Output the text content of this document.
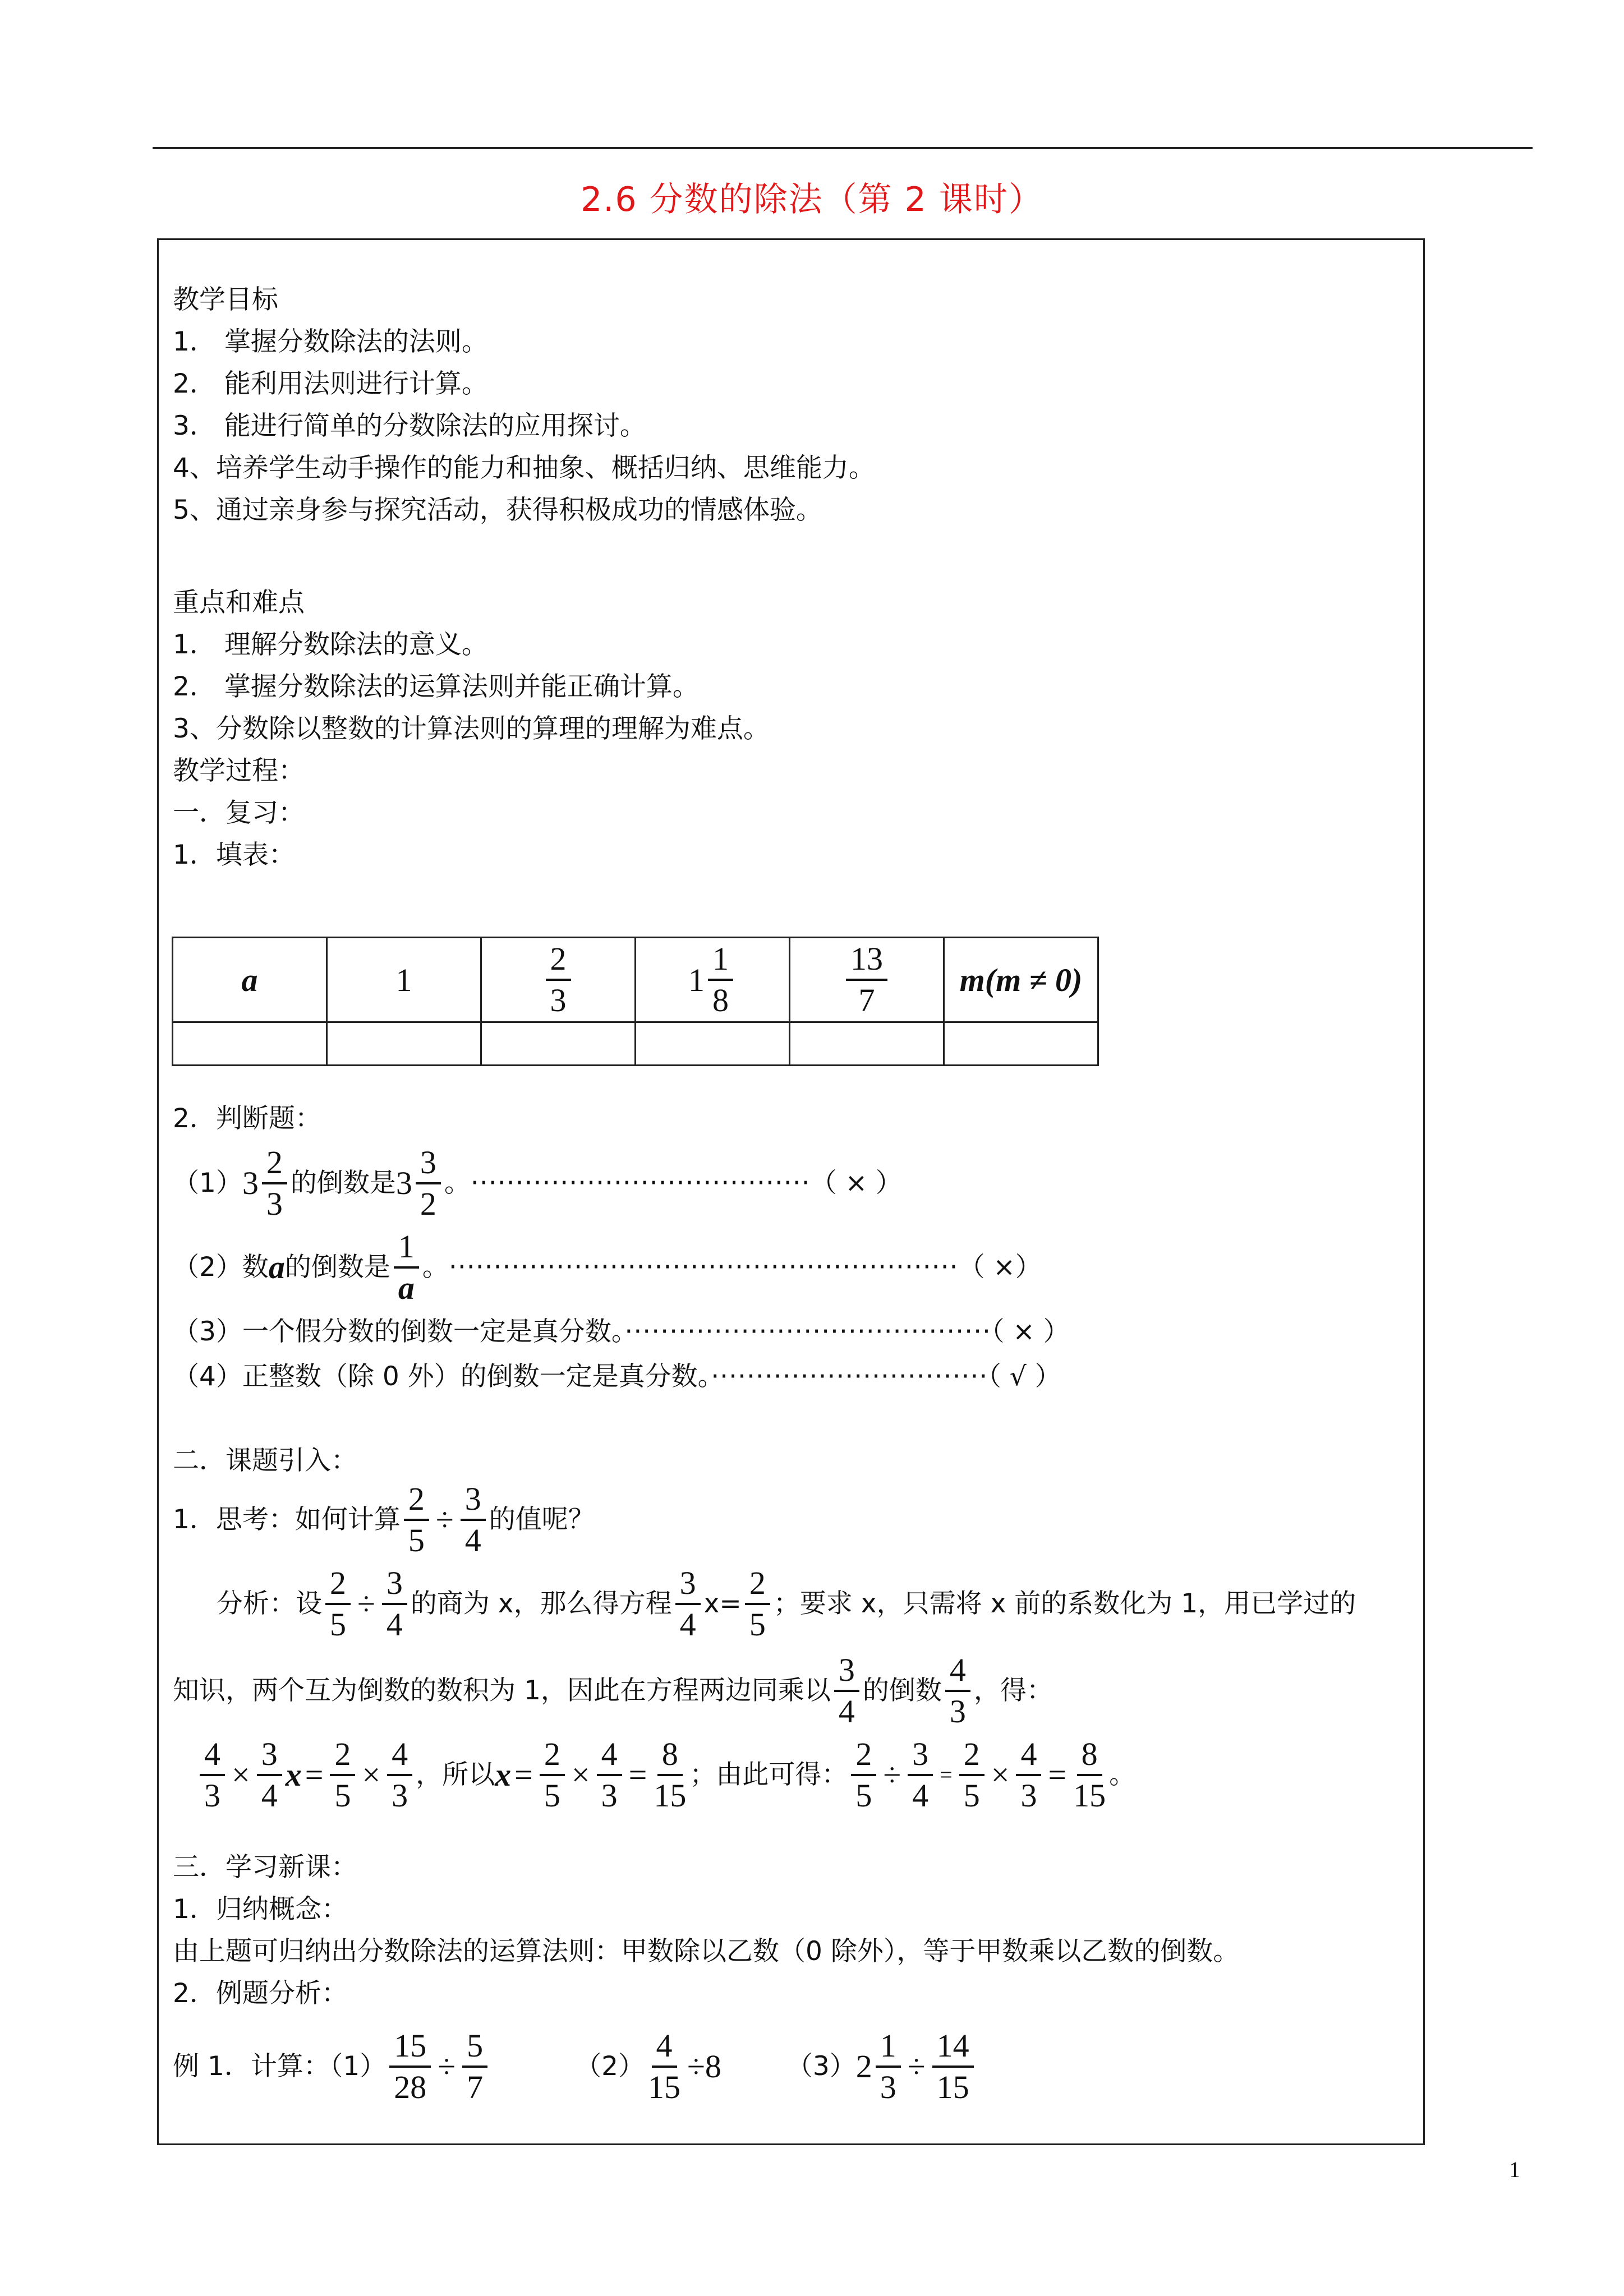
2.6 分数的除法（第 2 课时）
教学目标
1． 掌握分数除法的法则。
2． 能利用法则进行计算。
3． 能进行简单的分数除法的应用探讨。
4、培养学生动手操作的能力和抽象、概括归纳、思维能力。
5、通过亲身参与探究活动，获得积极成功的情感体验。
重点和难点
1． 理解分数除法的意义。
2． 掌握分数除法的运算法则并能正确计算。
3、分数除以整数的计算法则的算理的理解为难点。
教学过程：
一．复习：
1．填表：
a	1	$\frac{2}{3}$	$1 \frac{1}{8}$	$\frac{13}{7}$	m(m ≠ 0)

2．判断题：
（1） $3 \frac{2}{3}$ 的倒数是 $3 \frac{3}{2}$ 。 ······································ （ × ）
（2）数 a 的倒数是 $\frac{1}{a}$ 。 ························································· （ ×）
（3）一个假分数的倒数一定是真分数。·········································（ × ）
（4）正整数（除 0 外）的倒数一定是真分数。·······························（ √ ）
二．课题引入：
1．思考：如何计算 $\frac{2}{5} \div \frac{3}{4}$ 的值呢？
分析：设 $\frac{2}{5} \div \frac{3}{4}$ 的商为 x，那么得方程 $\frac{3}{4} x= \frac{2}{5}$ ；要求 x，只需将 x 前的系数化为 1，用已学过的
知识，两个互为倒数的数积为 1，因此在方程两边同乘以 $\frac{3}{4}$ 的倒数 $\frac{4}{3}$ ，得：
$\frac{4}{3} \times \frac{3}{4}$ $x = \frac{2}{5} \times \frac{4}{3}$ ，所以 $x = \frac{2}{5} \times \frac{4}{3} = \frac{8}{15}$ ；由此可得： $\frac{2}{5} \div \frac{3}{4} = \frac{2}{5} \times \frac{4}{3} = \frac{8}{15}$ 。
三．学习新课：
1．归纳概念：
由上题可归纳出分数除法的运算法则：甲数除以乙数（0 除外），等于甲数乘以乙数的倒数。
2．例题分析：
例 1．计算：$(1) \frac{15}{28} \div \frac{5}{7}$	$(2) \frac{4}{15} \div 8$ （3） $2 \frac{1}{3} \div \frac{14}{15}$
1
